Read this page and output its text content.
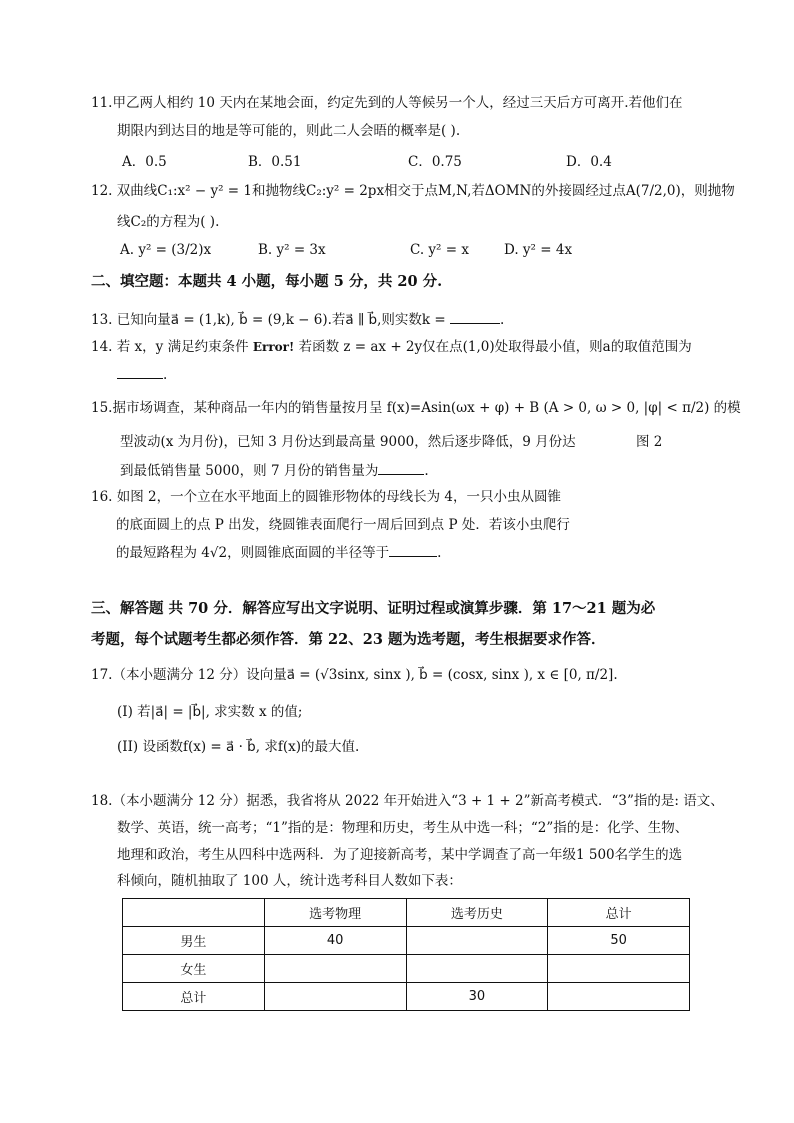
11.甲乙两人相约 10 天内在某地会面，约定先到的人等候另一个人，经过三天后方可离开.若他们在
期限内到达目的地是等可能的，则此二人会晤的概率是( ).
A．0.5	B．0.51	C．0.75	D．0.4
12. 双曲线C₁:x² − y² = 1和抛物线C₂:y² = 2px相交于点M,N,若ΔOMN的外接圆经过点A(7/2,0)，则抛物
线C₂的方程为( ).
A. y² = (3/2)x	B. y² = 3x	C. y² = x	D. y² = 4x
二、填空题：本题共 4 小题，每小题 5 分，共 20 分.
13. 已知向量a⃗ = (1,k), b⃗ = (9,k − 6).若a⃗ ∥ b⃗,则实数k =	.
14. 若 x，y 满足约束条件 Error! 若函数 z = ax + 2y仅在点(1,0)处取得最小值，则a的取值范围为
.
15.据市场调查，某种商品一年内的销售量按月呈 f(x)=Asin(ωx + φ) + B (A > 0, ω > 0, |φ| < π/2) 的模
型波动(x 为月份)，已知 3 月份达到最高量 9000，然后逐步降低，9 月份达	图 2
到最低销售量 5000，则 7 月份的销售量为	.
16. 如图 2，一个立在水平地面上的圆锥形物体的母线长为 4，一只小虫从圆锥
的底面圆上的点 P 出发，绕圆锥表面爬行一周后回到点 P 处．若该小虫爬行
的最短路程为 4√2，则圆锥底面圆的半径等于	.
三、解答题 共 70 分．解答应写出文字说明、证明过程或演算步骤．第 17～21 题为必
考题，每个试题考生都必须作答．第 22、23 题为选考题，考生根据要求作答．
17.（本小题满分 12 分）设向量a⃗ = (√3sinx, sinx ), b⃗ = (cosx, sinx ), x ∈ [0, π/2].
(I) 若|a⃗| = |b⃗|, 求实数 x 的值;
(II) 设函数f(x) = a⃗ · b⃗, 求f(x)的最大值.
18.（本小题满分 12 分）据悉，我省将从 2022 年开始进入“3 + 1 + 2”新高考模式．“3”指的是: 语文、
数学、英语，统一高考；“1”指的是：物理和历史，考生从中选一科；“2”指的是：化学、生物、
地理和政治，考生从四科中选两科．为了迎接新高考，某中学调查了高一年级1 500名学生的选
科倾向，随机抽取了 100 人，统计选考科目人数如下表：
	选考物理	选考历史	总计
男生	40		50
女生			
总计		30	
